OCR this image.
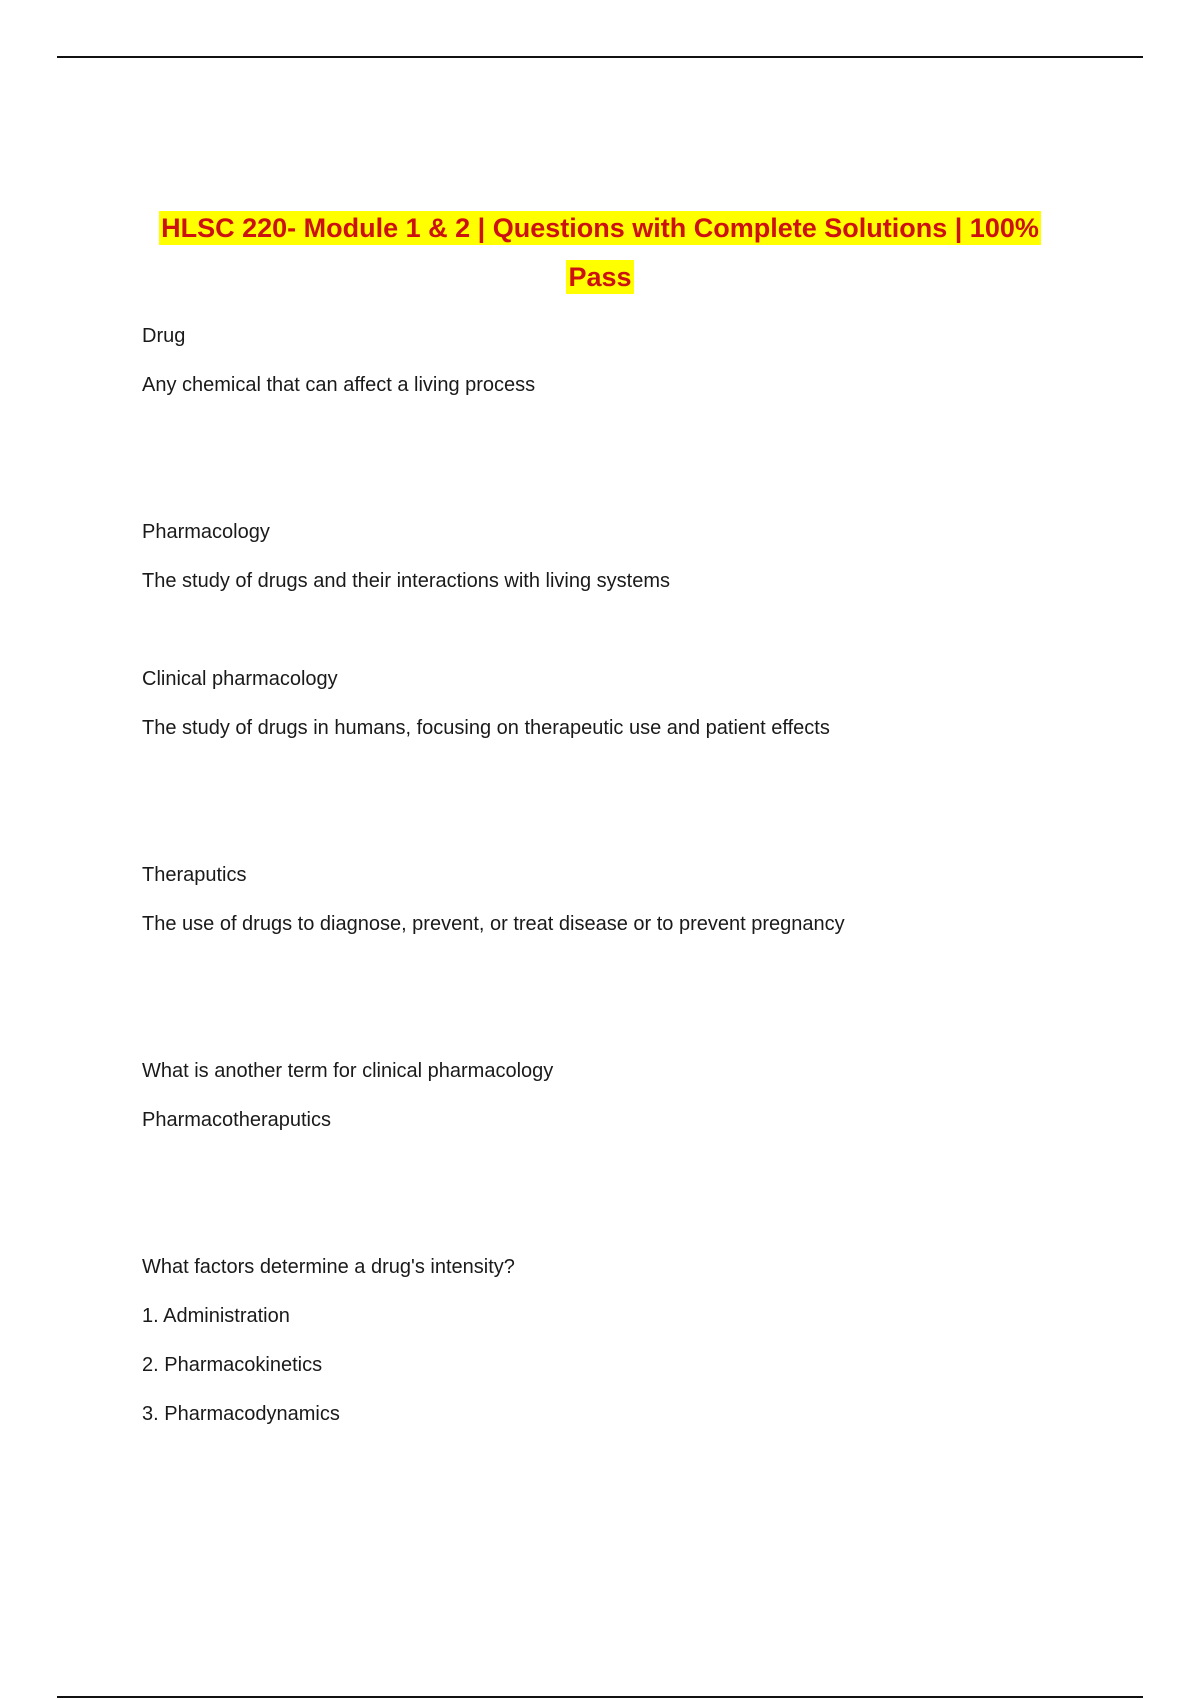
HLSC 220- Module 1 & 2 | Questions with Complete Solutions | 100%
Pass
Drug
Any chemical that can affect a living process
Pharmacology
The study of drugs and their interactions with living systems
Clinical pharmacology
The study of drugs in humans, focusing on therapeutic use and patient effects
Theraputics
The use of drugs to diagnose, prevent, or treat disease or to prevent pregnancy
What is another term for clinical pharmacology
Pharmacotheraputics
What factors determine a drug's intensity?
1. Administration
2. Pharmacokinetics
3. Pharmacodynamics
